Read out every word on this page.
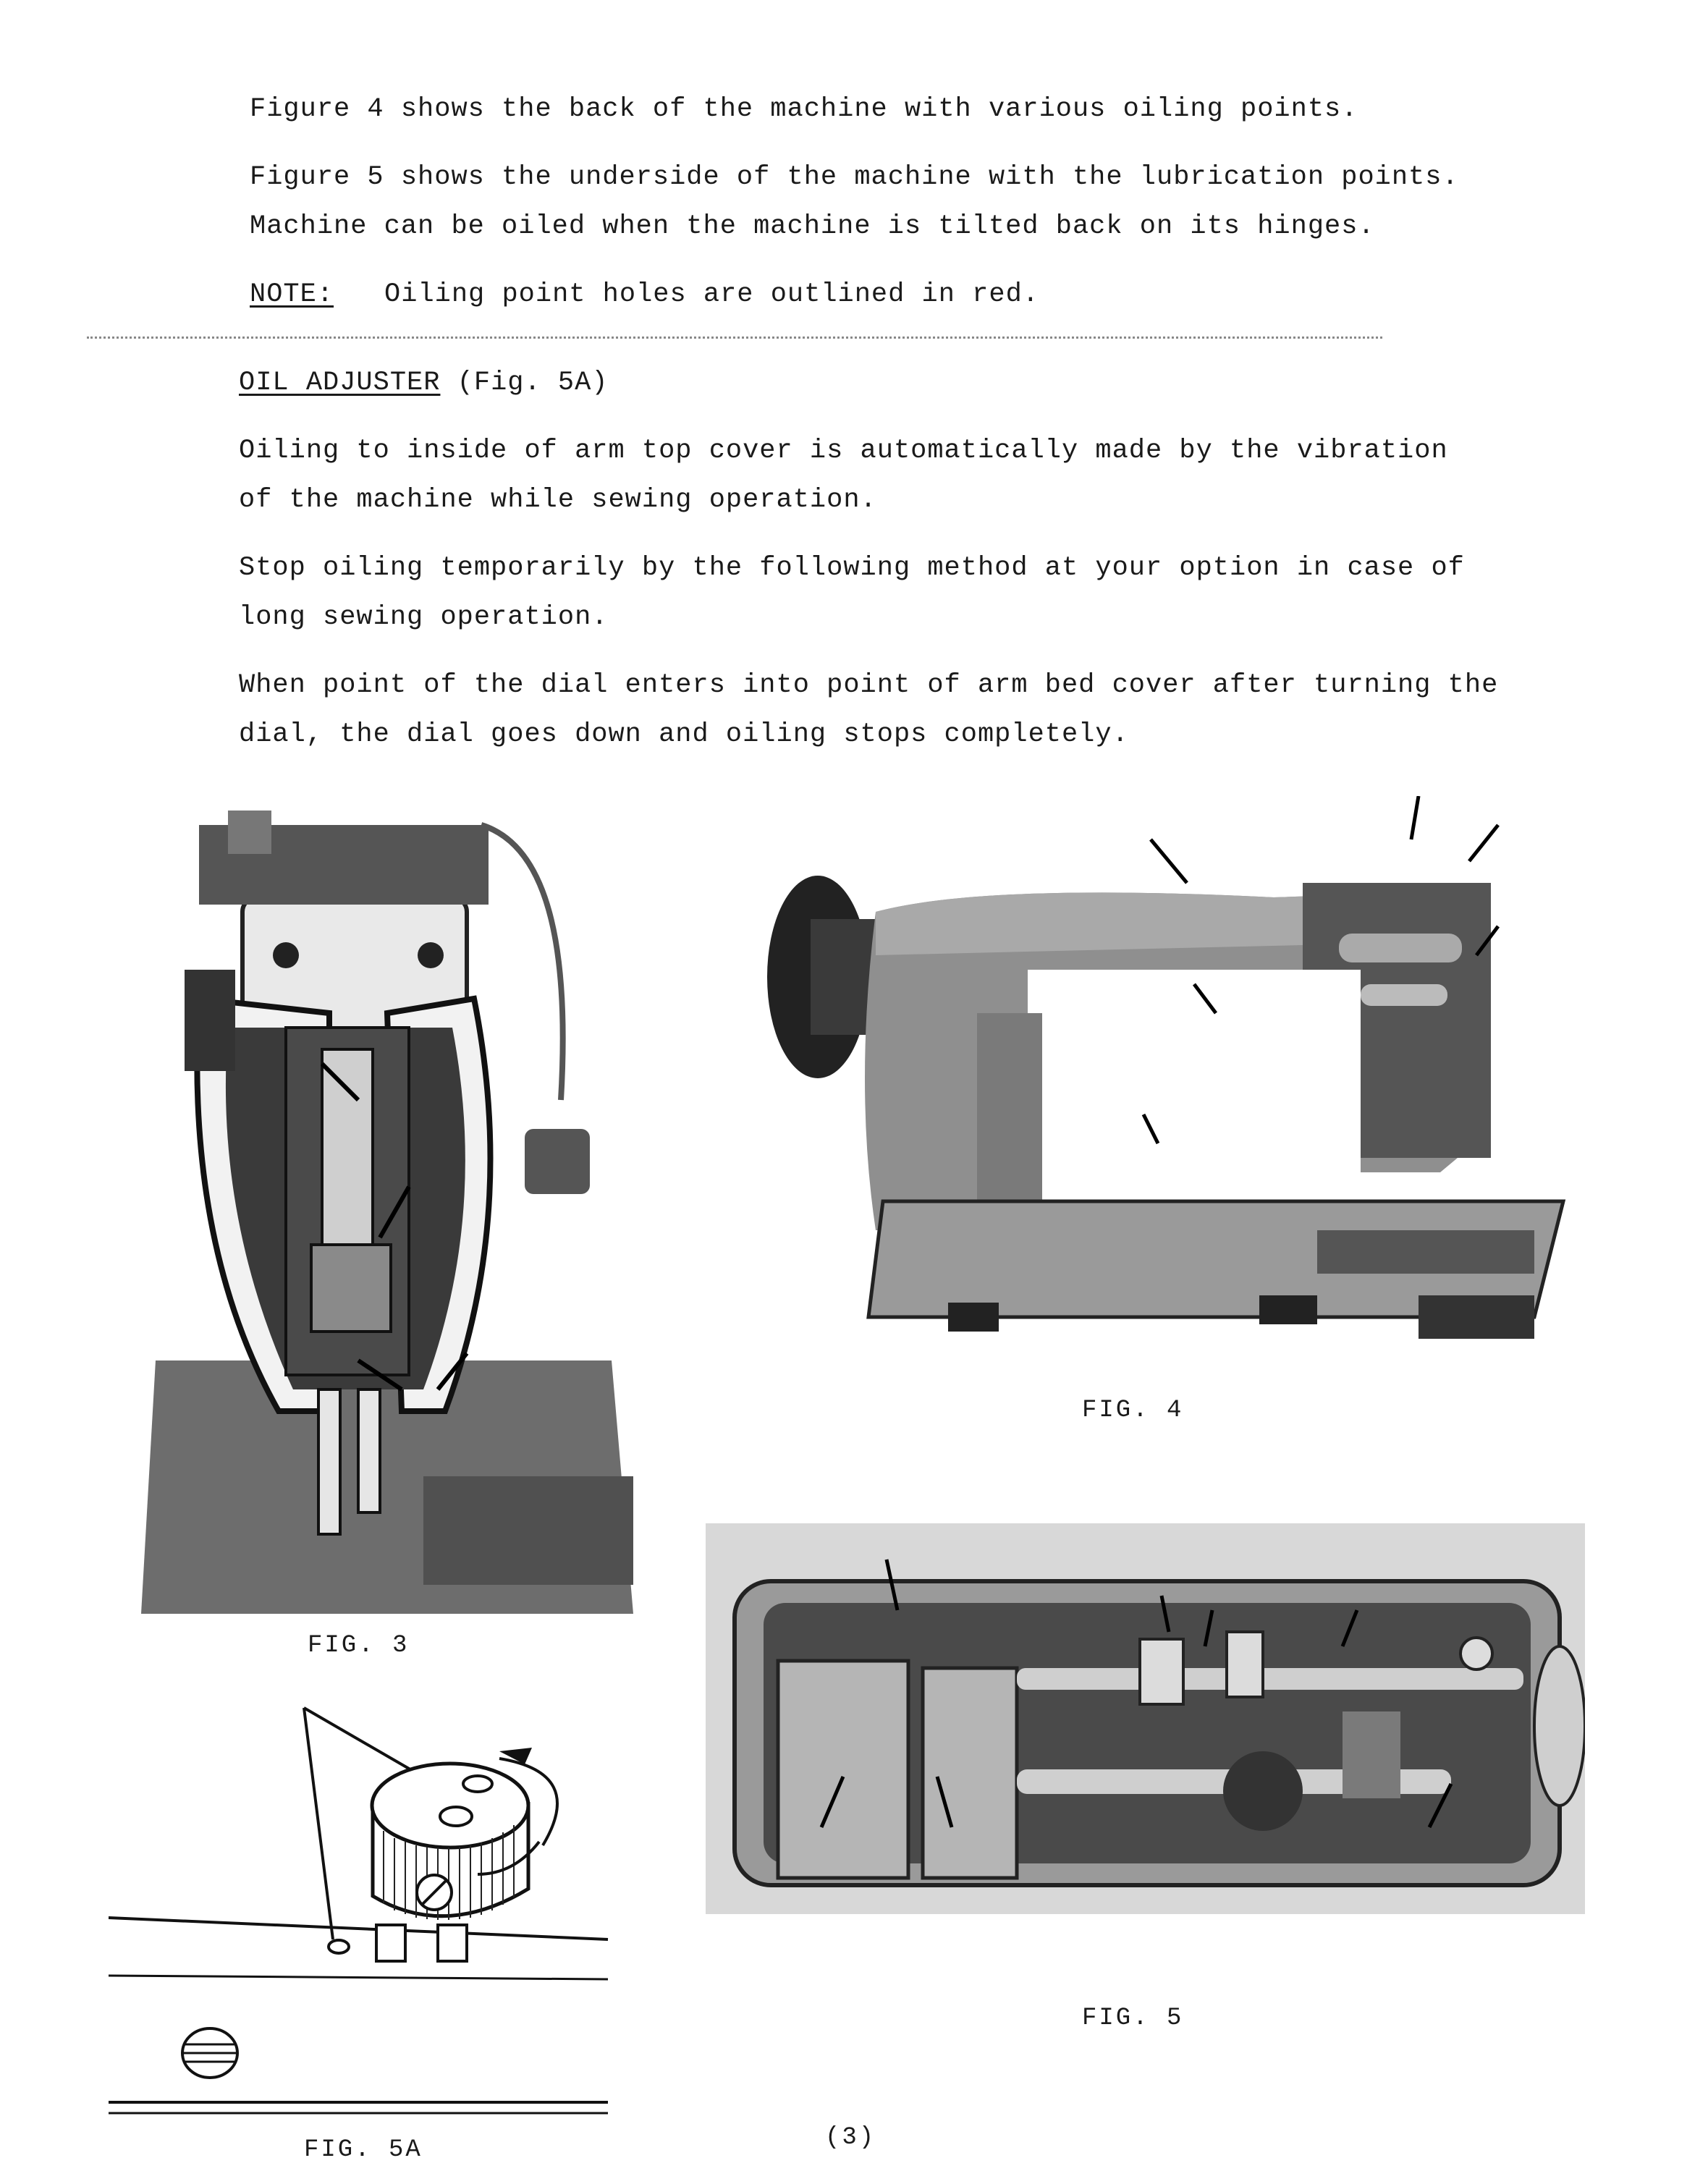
Figure 4 shows the back of the machine with various oiling points.
Figure 5 shows the underside of the machine with the lubrication points.
Machine can be oiled when the machine is tilted back on its hinges.
NOTE: Oiling point holes are outlined in red.
OIL ADJUSTER (Fig. 5A)
Oiling to inside of arm top cover is automatically made by the vibration
of the machine while sewing operation.
Stop oiling temporarily by the following method at your option in case of
long sewing operation.
When point of the dial enters into point of arm bed cover after turning the
dial, the dial goes down and oiling stops completely.
FIG. 3
FIG. 4
FIG. 5
FIG. 5A	(3)
